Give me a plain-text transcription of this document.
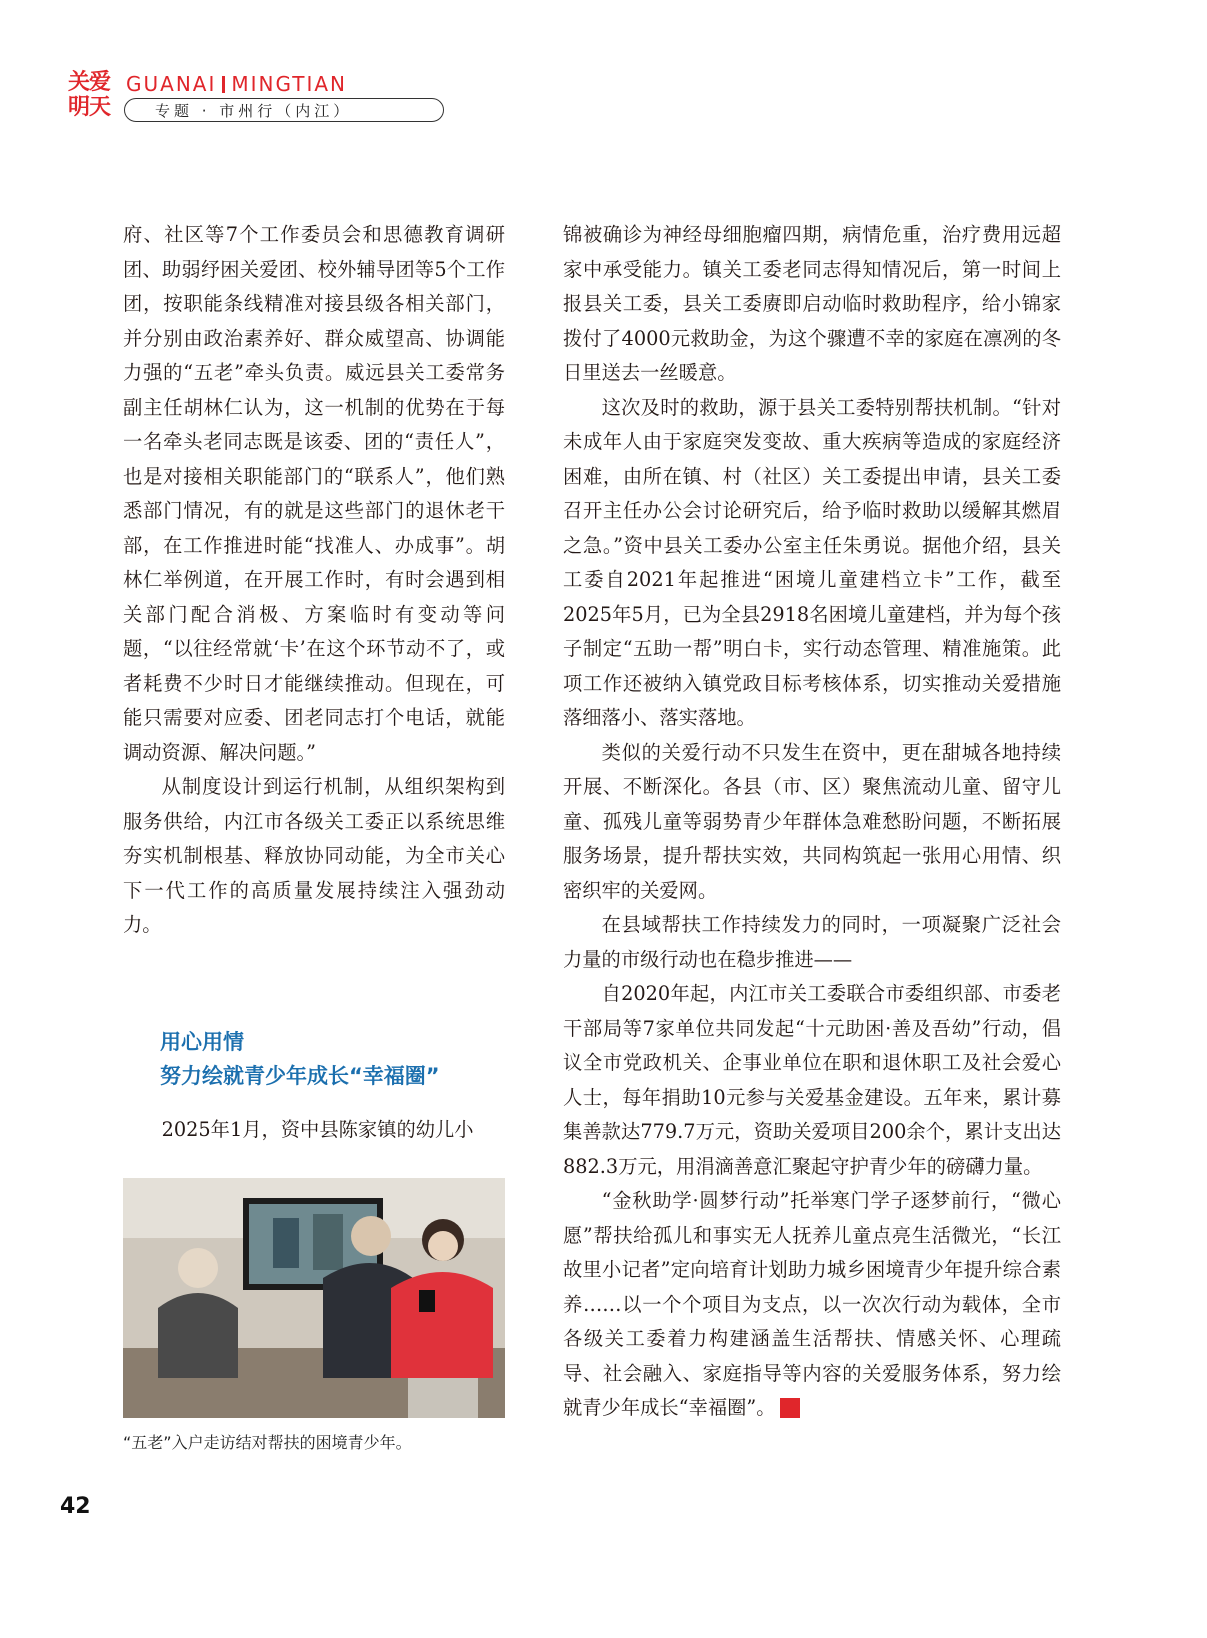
关爱明天
GUANAI MINGTIAN
专题 · 市州行（内江）

府、社区等7个工作委员会和思德教育调研团、助弱纾困关爱团、校外辅导团等5个工作团，按职能条线精准对接县级各相关部门，并分别由政治素养好、群众威望高、协调能力强的“五老”牵头负责。威远县关工委常务副主任胡林仁认为，这一机制的优势在于每一名牵头老同志既是该委、团的“责任人”，也是对接相关职能部门的“联系人”，他们熟悉部门情况，有的就是这些部门的退休老干部，在工作推进时能“找准人、办成事”。胡林仁举例道，在开展工作时，有时会遇到相关部门配合消极、方案临时有变动等问题，“以往经常就‘卡’在这个环节动不了，或者耗费不少时日才能继续推动。但现在，可能只需要对应委、团老同志打个电话，就能调动资源、解决问题。”

从制度设计到运行机制，从组织架构到服务供给，内江市各级关工委正以系统思维夯实机制根基、释放协同动能，为全市关心下一代工作的高质量发展持续注入强劲动力。

用心用情
努力绘就青少年成长“幸福圈”

2025年1月，资中县陈家镇的幼儿小

“五老”入户走访结对帮扶的困境青少年。

锦被确诊为神经母细胞瘤四期，病情危重，治疗费用远超家中承受能力。镇关工委老同志得知情况后，第一时间上报县关工委，县关工委赓即启动临时救助程序，给小锦家拨付了4000元救助金，为这个骤遭不幸的家庭在凛冽的冬日里送去一丝暖意。

这次及时的救助，源于县关工委特别帮扶机制。“针对未成年人由于家庭突发变故、重大疾病等造成的家庭经济困难，由所在镇、村（社区）关工委提出申请，县关工委召开主任办公会讨论研究后，给予临时救助以缓解其燃眉之急。”资中县关工委办公室主任朱勇说。据他介绍，县关工委自2021年起推进“困境儿童建档立卡”工作，截至2025年5月，已为全县2918名困境儿童建档，并为每个孩子制定“五助一帮”明白卡，实行动态管理、精准施策。此项工作还被纳入镇党政目标考核体系，切实推动关爱措施落细落小、落实落地。

类似的关爱行动不只发生在资中，更在甜城各地持续开展、不断深化。各县（市、区）聚焦流动儿童、留守儿童、孤残儿童等弱势青少年群体急难愁盼问题，不断拓展服务场景，提升帮扶实效，共同构筑起一张用心用情、织密织牢的关爱网。

在县域帮扶工作持续发力的同时，一项凝聚广泛社会力量的市级行动也在稳步推进——

自2020年起，内江市关工委联合市委组织部、市委老干部局等7家单位共同发起“十元助困·善及吾幼”行动，倡议全市党政机关、企事业单位在职和退休职工及社会爱心人士，每年捐助10元参与关爱基金建设。五年来，累计募集善款达779.7万元，资助关爱项目200余个，累计支出达882.3万元，用涓滴善意汇聚起守护青少年的磅礴力量。

“金秋助学·圆梦行动”托举寒门学子逐梦前行，“微心愿”帮扶给孤儿和事实无人抚养儿童点亮生活微光，“长江故里小记者”定向培育计划助力城乡困境青少年提升综合素养……以一个个项目为支点，以一次次行动为载体，全市各级关工委着力构建涵盖生活帮扶、情感关怀、心理疏导、社会融入、家庭指导等内容的关爱服务体系，努力绘就青少年成长“幸福圈”。	关

42
